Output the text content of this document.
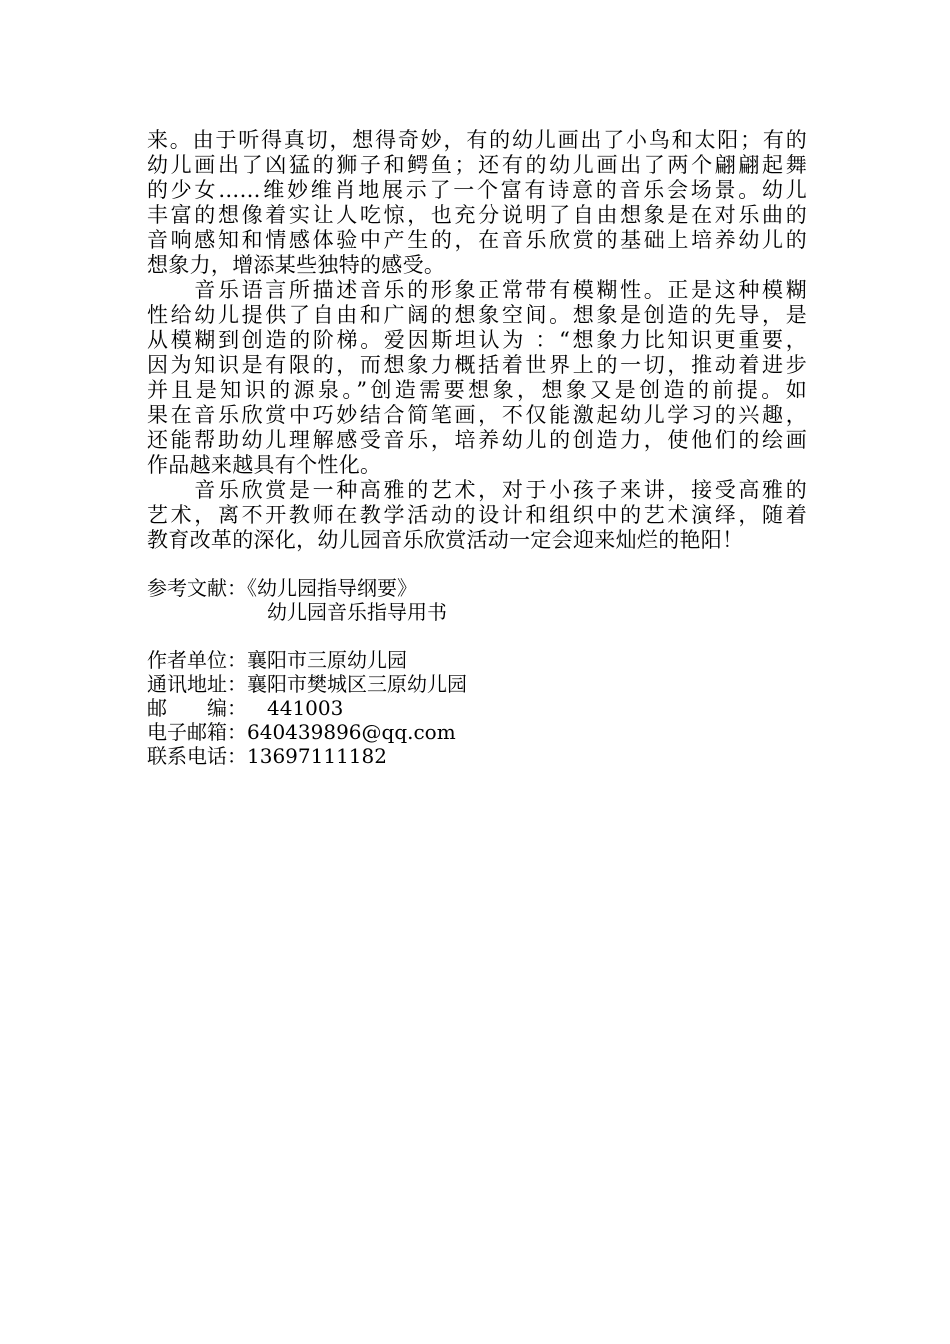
来。由于听得真切，想得奇妙，有的幼儿画出了小鸟和太阳；有的
幼儿画出了凶猛的狮子和鳄鱼；还有的幼儿画出了两个翩翩起舞
的少女……维妙维肖地展示了一个富有诗意的音乐会场景。幼儿
丰富的想像着实让人吃惊，也充分说明了自由想象是在对乐曲的
音响感知和情感体验中产生的，在音乐欣赏的基础上培养幼儿的
想象力，增添某些独特的感受。
　　音乐语言所描述音乐的形象正常带有模糊性。正是这种模糊
性给幼儿提供了自由和广阔的想象空间。想象是创造的先导，是
从模糊到创造的阶梯。爱因斯坦认为 ：“想象力比知识更重要，
因为知识是有限的，而想象力概括着世界上的一切，推动着进步
并且是知识的源泉。”创造需要想象，想象又是创造的前提。如
果在音乐欣赏中巧妙结合简笔画，不仅能激起幼儿学习的兴趣，
还能帮助幼儿理解感受音乐，培养幼儿的创造力，使他们的绘画
作品越来越具有个性化。
　　音乐欣赏是一种高雅的艺术，对于小孩子来讲，接受高雅的
艺术，离不开教师在教学活动的设计和组织中的艺术演绎，随着
教育改革的深化，幼儿园音乐欣赏活动一定会迎来灿烂的艳阳！
参考文献：《幼儿园指导纲要》
幼儿园音乐指导用书
作者单位：襄阳市三原幼儿园
通讯地址：襄阳市樊城区三原幼儿园
邮 编： 441003
电子邮箱：640439896@qq.com
联系电话：13697111182
